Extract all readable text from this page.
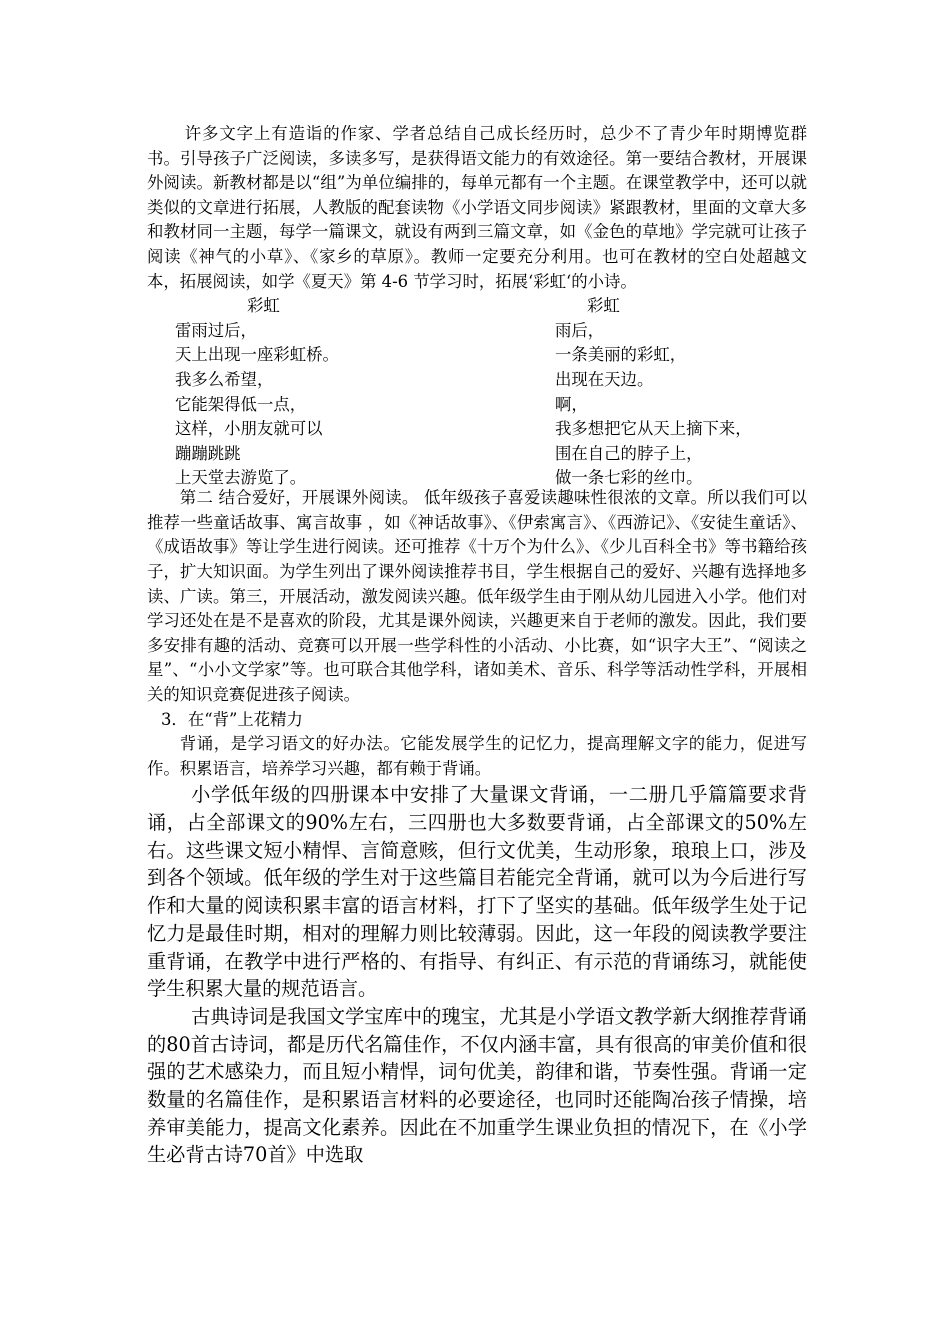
许多文字上有造诣的作家、学者总结自己成长经历时，总少不了青少年时期博览群书。引导孩子广泛阅读，多读多写，是获得语文能力的有效途径。第一要结合教材，开展课外阅读。新教材都是以“组”为单位编排的，每单元都有一个主题。在课堂教学中，还可以就类似的文章进行拓展，人教版的配套读物《小学语文同步阅读》紧跟教材，里面的文章大多和教材同一主题，每学一篇课文，就设有两到三篇文章，如《金色的草地》学完就可让孩子阅读《神气的小草》、《家乡的草原》。教师一定要充分利用。也可在教材的空白处超越文本，拓展阅读，如学《夏天》第 4-6 节学习时，拓展‘彩虹‘的小诗。

彩虹
雷雨过后，
天上出现一座彩虹桥。
我多么希望，
它能架得低一点，
这样，小朋友就可以
蹦蹦跳跳
上天堂去游览了。
彩虹
雨后，
一条美丽的彩虹，
出现在天边。
啊，
我多想把它从天上摘下来，
围在自己的脖子上，
做一条七彩的丝巾。

第二 结合爱好，开展课外阅读。 低年级孩子喜爱读趣味性很浓的文章。所以我们可以推荐一些童话故事、寓言故事 ，如《神话故事》、《伊索寓言》、《西游记》、《安徒生童话》、《成语故事》等让学生进行阅读。还可推荐《十万个为什么》、《少儿百科全书》等书籍给孩子，扩大知识面。为学生列出了课外阅读推荐书目，学生根据自己的爱好、兴趣有选择地多读、广读。第三，开展活动，激发阅读兴趣。低年级学生由于刚从幼儿园进入小学。他们对学习还处在是不是喜欢的阶段，尤其是课外阅读，兴趣更来自于老师的激发。因此，我们要多安排有趣的活动、竞赛可以开展一些学科性的小活动、小比赛，如“识字大王”、“阅读之星”、“小小文学家”等。也可联合其他学科，诸如美术、音乐、科学等活动性学科，开展相关的知识竞赛促进孩子阅读。

3．在“背”上花精力

背诵，是学习语文的好办法。它能发展学生的记忆力，提高理解文字的能力，促进写作。积累语言，培养学习兴趣，都有赖于背诵。

小学低年级的四册课本中安排了大量课文背诵，一二册几乎篇篇要求背诵，占全部课文的90%左右，三四册也大多数要背诵，占全部课文的50%左右。这些课文短小精悍、言简意赅，但行文优美，生动形象，琅琅上口，涉及到各个领域。低年级的学生对于这些篇目若能完全背诵，就可以为今后进行写作和大量的阅读积累丰富的语言材料，打下了坚实的基础。低年级学生处于记忆力是最佳时期，相对的理解力则比较薄弱。因此，这一年段的阅读教学要注重背诵，在教学中进行严格的、有指导、有纠正、有示范的背诵练习，就能使学生积累大量的规范语言。

古典诗词是我国文学宝库中的瑰宝，尤其是小学语文教学新大纲推荐背诵的80首古诗词，都是历代名篇佳作，不仅内涵丰富，具有很高的审美价值和很强的艺术感染力，而且短小精悍，词句优美，韵律和谐，节奏性强。背诵一定数量的名篇佳作，是积累语言材料的必要途径，也同时还能陶冶孩子情操，培养审美能力，提高文化素养。因此在不加重学生课业负担的情况下，在《小学生必背古诗70首》中选取
